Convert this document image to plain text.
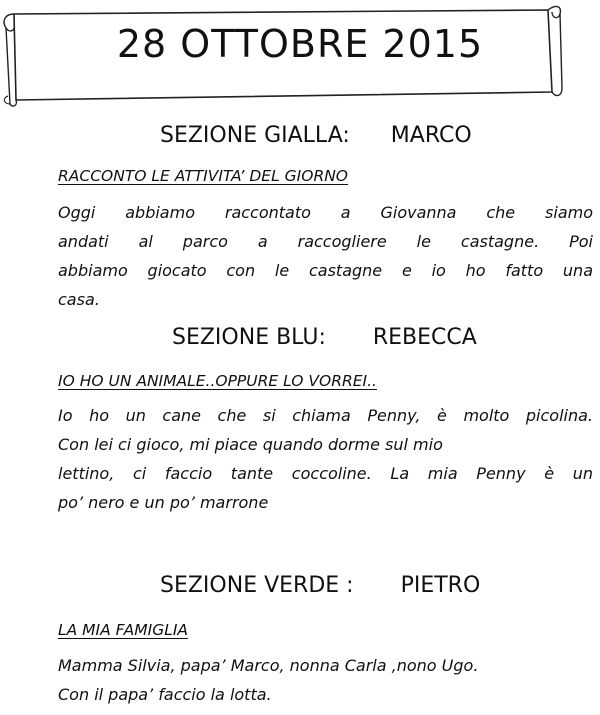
28 OTTOBRE 2015
SEZIONE GIALLA: MARCO
RACCONTO LE ATTIVITA’ DEL GIORNO
Oggi abbiamo raccontato a Giovanna che siamo
andati al parco a raccogliere le castagne. Poi
abbiamo giocato con le castagne e io ho fatto una
casa.
SEZIONE BLU: REBECCA
IO HO UN ANIMALE..OPPURE LO VORREI..
Io ho un cane che si chiama Penny, è molto picolina.
Con lei ci gioco, mi piace quando dorme sul mio
lettino, ci faccio tante coccoline. La mia Penny è un
po’ nero e un po’ marrone
SEZIONE VERDE : PIETRO
LA MIA FAMIGLIA
Mamma Silvia, papa’ Marco, nonna Carla ,nono Ugo.
Con il papa’ faccio la lotta.
